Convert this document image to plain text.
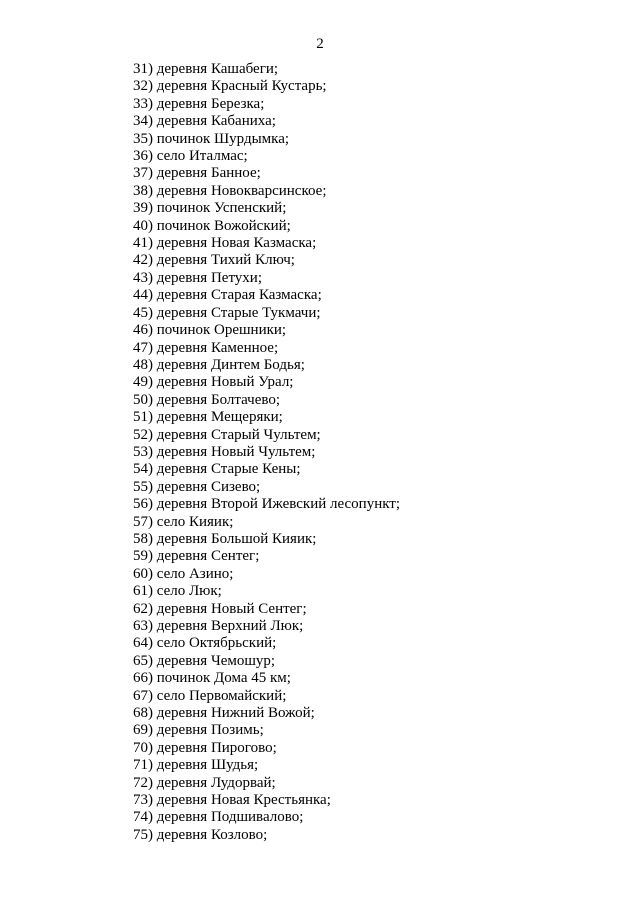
2
31) деревня Кашабеги;
32) деревня Красный Кустарь;
33) деревня Березка;
34) деревня Кабаниха;
35) починок Шурдымка;
36) село Италмас;
37) деревня Банное;
38) деревня Новокварсинское;
39) починок Успенский;
40) починок Вожойский;
41) деревня Новая Казмаска;
42) деревня Тихий Ключ;
43) деревня Петухи;
44) деревня Старая Казмаска;
45) деревня Старые Тукмачи;
46) починок Орешники;
47) деревня Каменное;
48) деревня Динтем Бодья;
49) деревня Новый Урал;
50) деревня Болтачево;
51) деревня Мещеряки;
52) деревня Старый Чультем;
53) деревня Новый Чультем;
54) деревня Старые Кены;
55) деревня Сизево;
56) деревня Второй Ижевский лесопункт;
57) село Кияик;
58) деревня Большой Кияик;
59) деревня Сентег;
60) село Азино;
61) село Люк;
62) деревня Новый Сентег;
63) деревня Верхний Люк;
64) село Октябрьский;
65) деревня Чемошур;
66) починок Дома 45 км;
67) село Первомайский;
68) деревня Нижний Вожой;
69) деревня Позимь;
70) деревня Пирогово;
71) деревня Шудья;
72) деревня Лудорвай;
73) деревня Новая Крестьянка;
74) деревня Подшивалово;
75) деревня Козлово;
